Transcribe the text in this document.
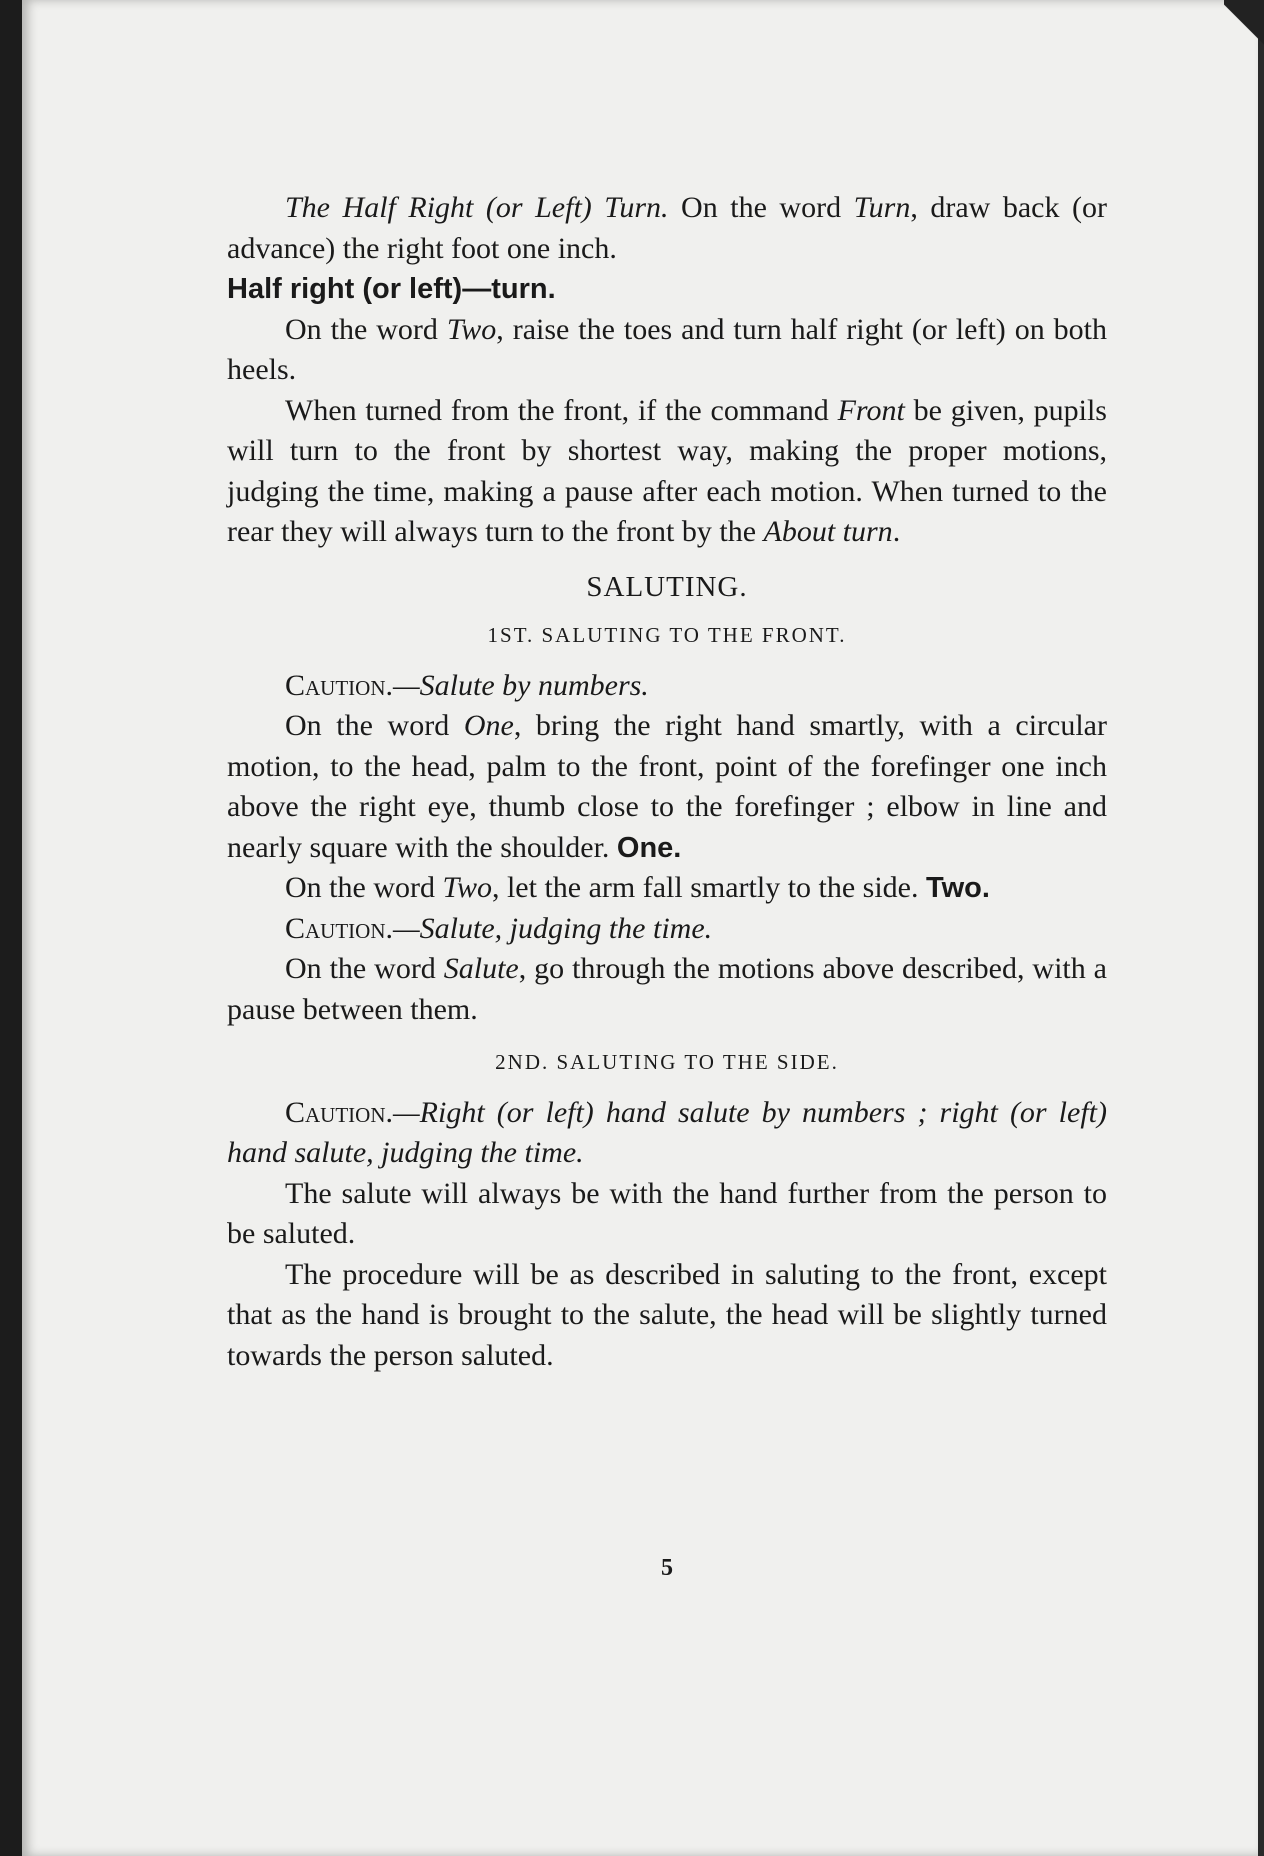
The Half Right (or Left) Turn. On the word Turn, draw back (or advance) the right foot one inch.

Half right (or left)—turn.

On the word Two, raise the toes and turn half right (or left) on both heels.

When turned from the front, if the command Front be given, pupils will turn to the front by shortest way, making the proper motions, judging the time, making a pause after each motion. When turned to the rear they will always turn to the front by the About turn.

SALUTING.

1ST. SALUTING TO THE FRONT.

Caution.—Salute by numbers.

On the word One, bring the right hand smartly, with a circular motion, to the head, palm to the front, point of the forefinger one inch above the right eye, thumb close to the forefinger ; elbow in line and nearly square with the shoulder. One.

On the word Two, let the arm fall smartly to the side. Two.

Caution.—Salute, judging the time.

On the word Salute, go through the motions above described, with a pause between them.

2ND. SALUTING TO THE SIDE.

Caution.—Right (or left) hand salute by numbers ; right (or left) hand salute, judging the time.

The salute will always be with the hand further from the person to be saluted.

The procedure will be as described in saluting to the front, except that as the hand is brought to the salute, the head will be slightly turned towards the person saluted.

5
